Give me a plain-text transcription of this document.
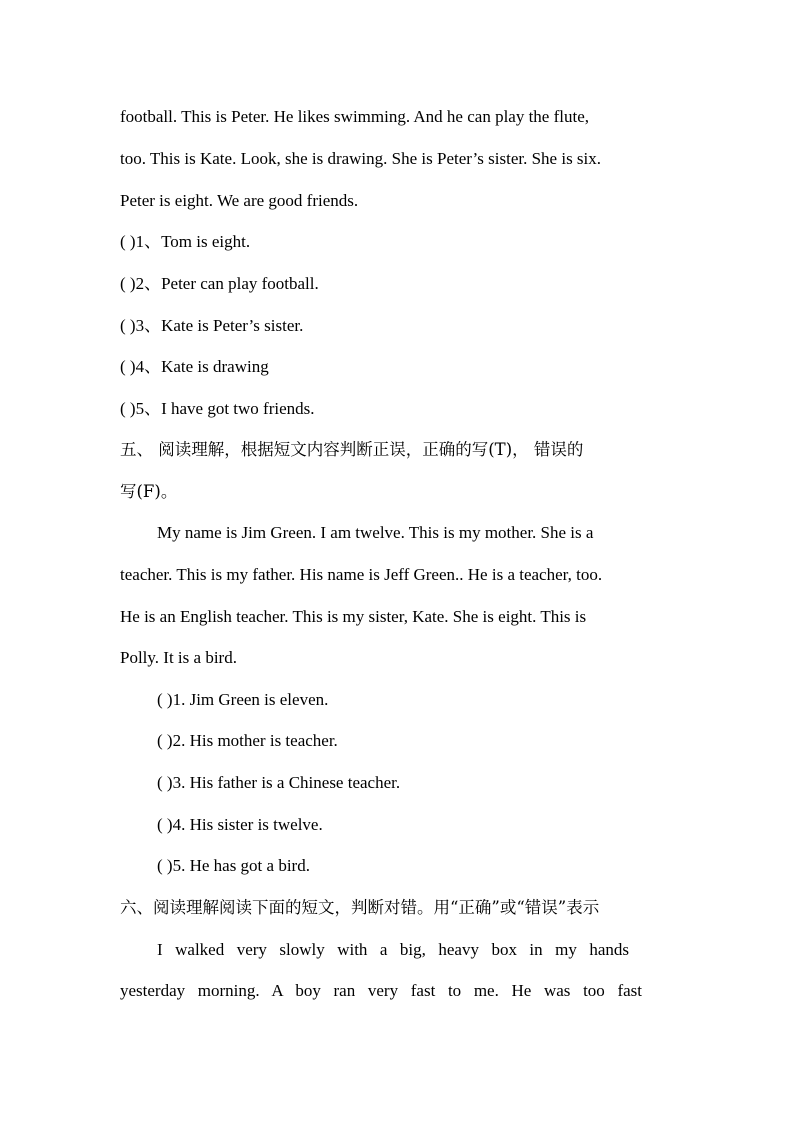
football. This is Peter. He likes swimming. And he can play the flute,
too. This is Kate. Look, she is drawing. She is Peter’s sister. She is six.
Peter is eight. We are good friends.
( )1、Tom is eight.
( )2、Peter can play football.
( )3、Kate is Peter’s sister.
( )4、Kate is drawing
( )5、I have got two friends.
五、 阅读理解，根据短文内容判断正误，正确的写(T)， 错误的
写(F)。
My name is Jim Green. I am twelve. This is my mother. She is a
teacher. This is my father. His name is Jeff Green.. He is a teacher, too.
He is an English teacher. This is my sister, Kate. She is eight. This is
Polly. It is a bird.
( )1. Jim Green is eleven.
( )2. His mother is teacher.
( )3. His father is a Chinese teacher.
( )4. His sister is twelve.
( )5. He has got a bird.
六、阅读理解阅读下面的短文，判断对错。用“正确”或“错误”表示
I walked very slowly with a big, heavy box in my hands
yesterday morning. A boy ran very fast to me. He was too fast
